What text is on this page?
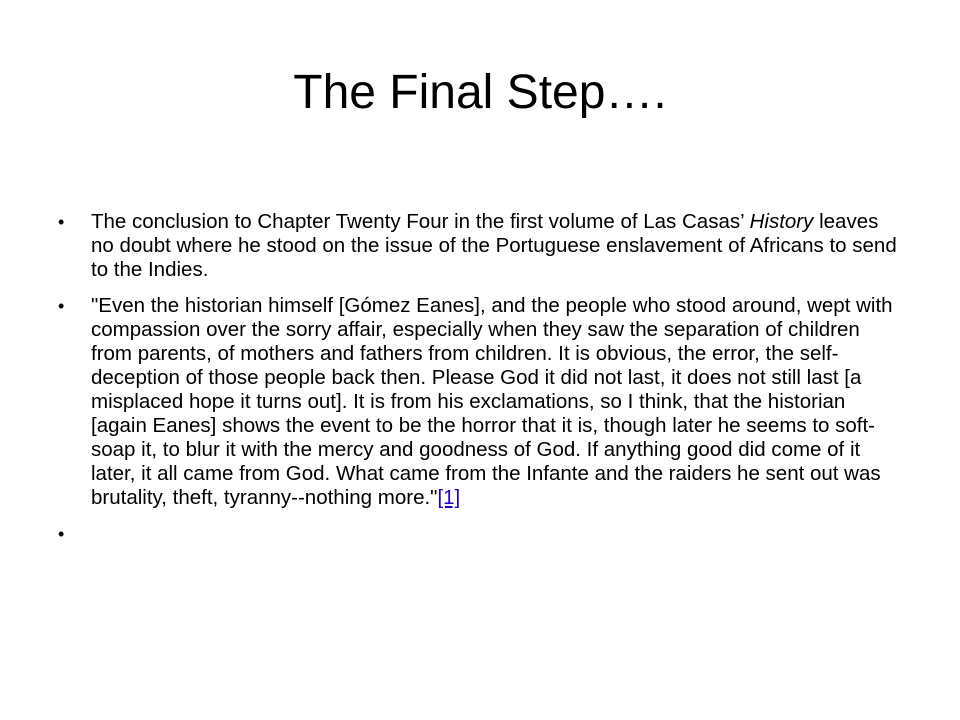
The Final Step….
•	The conclusion to Chapter Twenty Four in the first volume of Las Casas’ History leaves no doubt where he stood on the issue of the Portuguese enslavement of Africans to send to the Indies.
•	"Even the historian himself [Gómez Eanes], and the people who stood around, wept with compassion over the sorry affair, especially when they saw the separation of children from parents, of mothers and fathers from children. It is obvious, the error, the self-deception of those people back then. Please God it did not last, it does not still last [a misplaced hope it turns out]. It is from his exclamations, so I think, that the historian [again Eanes] shows the event to be the horror that it is, though later he seems to soft-soap it, to blur it with the mercy and goodness of God. If anything good did come of it later, it all came from God. What came from the Infante and the raiders he sent out was brutality, theft, tyranny--nothing more."[1]
•
